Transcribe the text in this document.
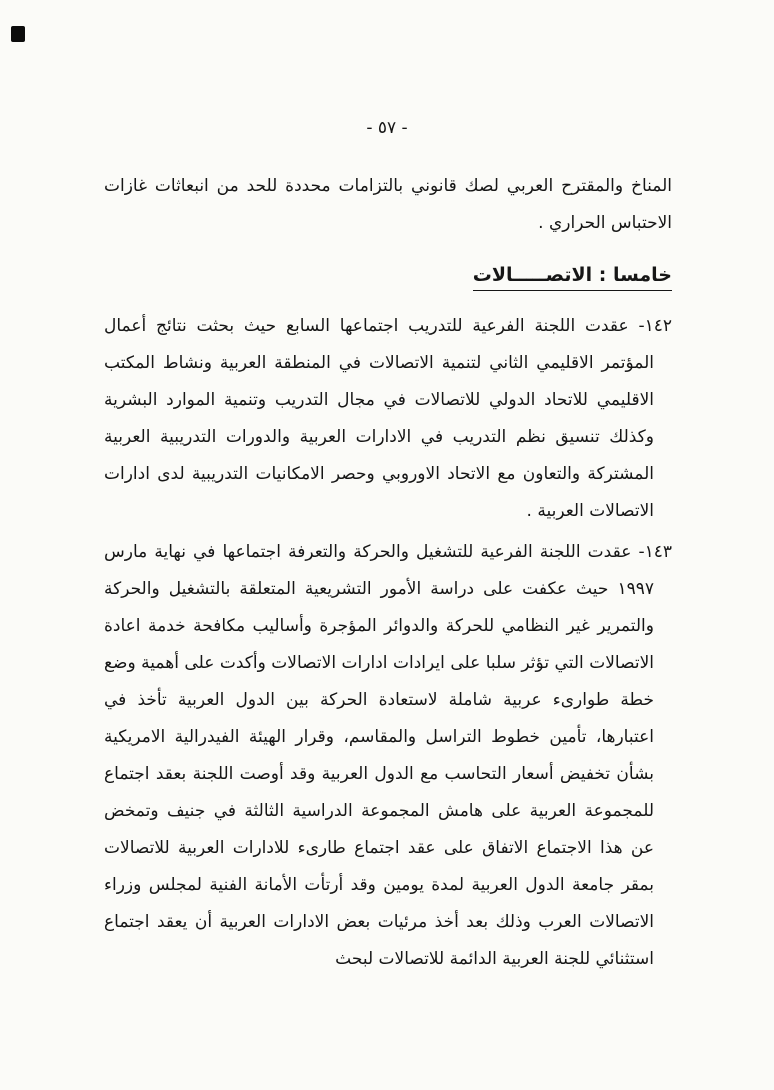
- ٥٧ -

المناخ والمقترح العربي لصك قانوني بالتزامات محددة للحد من انبعاثات غازات الاحتباس الحراري .

خامسا : الاتصـــــالات

١٤٢- عقدت اللجنة الفرعية للتدريب اجتماعها السابع حيث بحثت نتائج أعمال المؤتمر الاقليمي الثاني لتنمية الاتصالات في المنطقة العربية ونشاط المكتب الاقليمي للاتحاد الدولي للاتصالات في مجال التدريب وتنمية الموارد البشرية وكذلك تنسيق نظم التدريب في الادارات العربية والدورات التدريبية العربية المشتركة والتعاون مع الاتحاد الاوروبي وحصر الامكانيات التدريبية لدى ادارات الاتصالات العربية .

١٤٣- عقدت اللجنة الفرعية للتشغيل والحركة والتعرفة اجتماعها في نهاية مارس ١٩٩٧ حيث عكفت على دراسة الأمور التشريعية المتعلقة بالتشغيل والحركة والتمرير غير النظامي للحركة والدوائر المؤجرة وأساليب مكافحة خدمة اعادة الاتصالات التي تؤثر سلبا على ايرادات ادارات الاتصالات وأكدت على أهمية وضع خطة طوارىء عربية شاملة لاستعادة الحركة بين الدول العربية تأخذ في اعتبارها، تأمين خطوط التراسل والمقاسم، وقرار الهيئة الفيدرالية الامريكية بشأن تخفيض أسعار التحاسب مع الدول العربية وقد أوصت اللجنة بعقد اجتماع للمجموعة العربية على هامش المجموعة الدراسية الثالثة في جنيف وتمخض عن هذا الاجتماع الاتفاق على عقد اجتماع طارىء للادارات العربية للاتصالات بمقر جامعة الدول العربية لمدة يومين وقد أرتأت الأمانة الفنية لمجلس وزراء الاتصالات العرب وذلك بعد أخذ مرئيات بعض الادارات العربية أن يعقد اجتماع استثنائي للجنة العربية الدائمة للاتصالات لبحث
